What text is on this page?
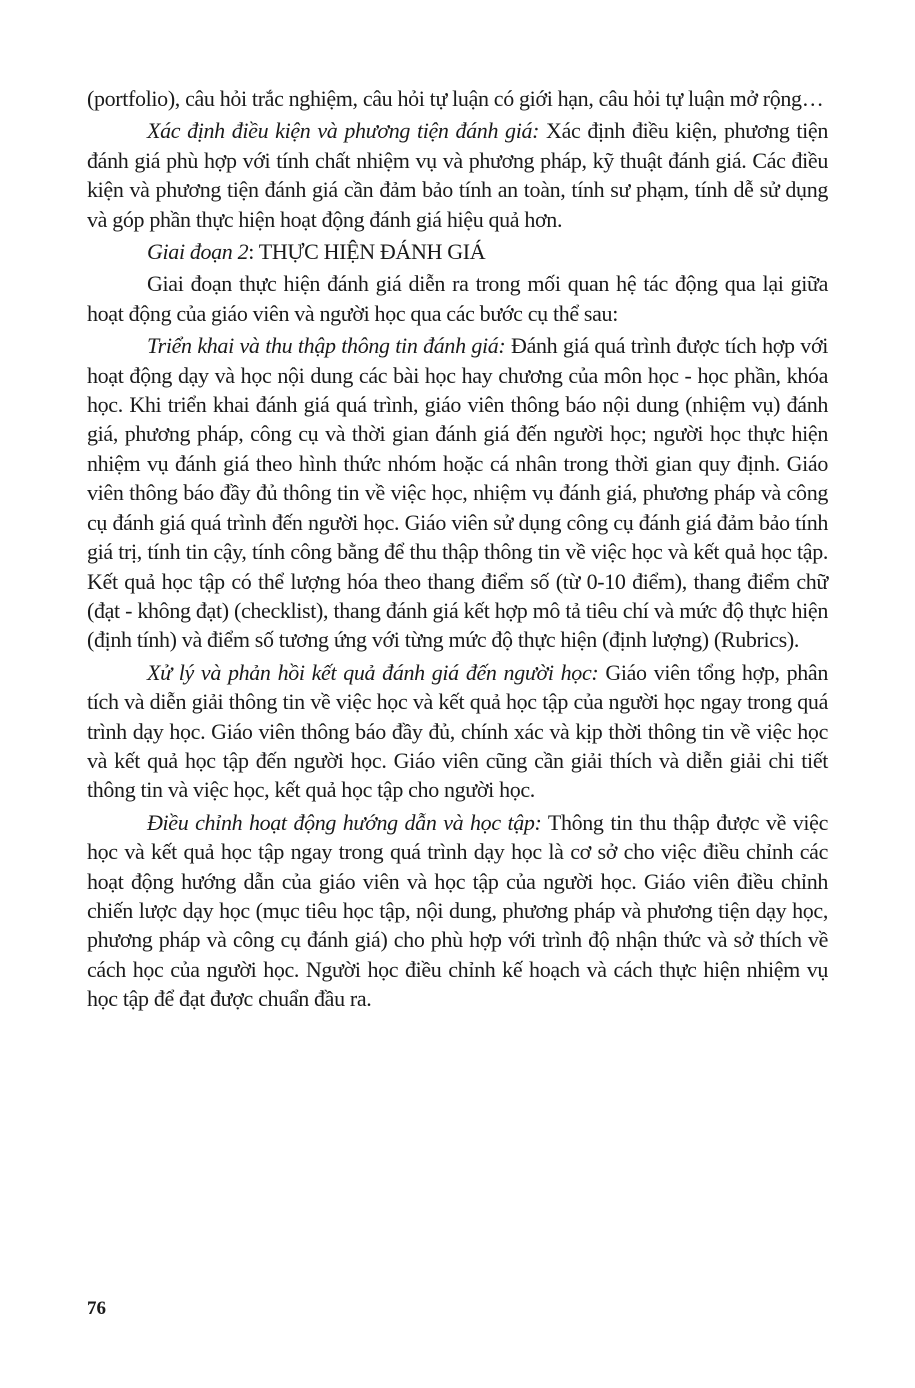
(portfolio), câu hỏi trắc nghiệm, câu hỏi tự luận có giới hạn, câu hỏi tự luận mở rộng…

Xác định điều kiện và phương tiện đánh giá: Xác định điều kiện, phương tiện đánh giá phù hợp với tính chất nhiệm vụ và phương pháp, kỹ thuật đánh giá. Các điều kiện và phương tiện đánh giá cần đảm bảo tính an toàn, tính sư phạm, tính dễ sử dụng và góp phần thực hiện hoạt động đánh giá hiệu quả hơn.

Giai đoạn 2: THỰC HIỆN ĐÁNH GIÁ

Giai đoạn thực hiện đánh giá diễn ra trong mối quan hệ tác động qua lại giữa hoạt động của giáo viên và người học qua các bước cụ thể sau:

Triển khai và thu thập thông tin đánh giá: Đánh giá quá trình được tích hợp với hoạt động dạy và học nội dung các bài học hay chương của môn học - học phần, khóa học. Khi triển khai đánh giá quá trình, giáo viên thông báo nội dung (nhiệm vụ) đánh giá, phương pháp, công cụ và thời gian đánh giá đến người học; người học thực hiện nhiệm vụ đánh giá theo hình thức nhóm hoặc cá nhân trong thời gian quy định. Giáo viên thông báo đầy đủ thông tin về việc học, nhiệm vụ đánh giá, phương pháp và công cụ đánh giá quá trình đến người học. Giáo viên sử dụng công cụ đánh giá đảm bảo tính giá trị, tính tin cậy, tính công bằng để thu thập thông tin về việc học và kết quả học tập. Kết quả học tập có thể lượng hóa theo thang điểm số (từ 0-10 điểm), thang điểm chữ (đạt - không đạt) (checklist), thang đánh giá kết hợp mô tả tiêu chí và mức độ thực hiện (định tính) và điểm số tương ứng với từng mức độ thực hiện (định lượng) (Rubrics).

Xử lý và phản hồi kết quả đánh giá đến người học: Giáo viên tổng hợp, phân tích và diễn giải thông tin về việc học và kết quả học tập của người học ngay trong quá trình dạy học. Giáo viên thông báo đầy đủ, chính xác và kịp thời thông tin về việc học và kết quả học tập đến người học. Giáo viên cũng cần giải thích và diễn giải chi tiết thông tin và việc học, kết quả học tập cho người học.

Điều chỉnh hoạt động hướng dẫn và học tập: Thông tin thu thập được về việc học và kết quả học tập ngay trong quá trình dạy học là cơ sở cho việc điều chỉnh các hoạt động hướng dẫn của giáo viên và học tập của người học. Giáo viên điều chỉnh chiến lược dạy học (mục tiêu học tập, nội dung, phương pháp và phương tiện dạy học, phương pháp và công cụ đánh giá) cho phù hợp với trình độ nhận thức và sở thích về cách học của người học. Người học điều chỉnh kế hoạch và cách thực hiện nhiệm vụ học tập để đạt được chuẩn đầu ra.

76
